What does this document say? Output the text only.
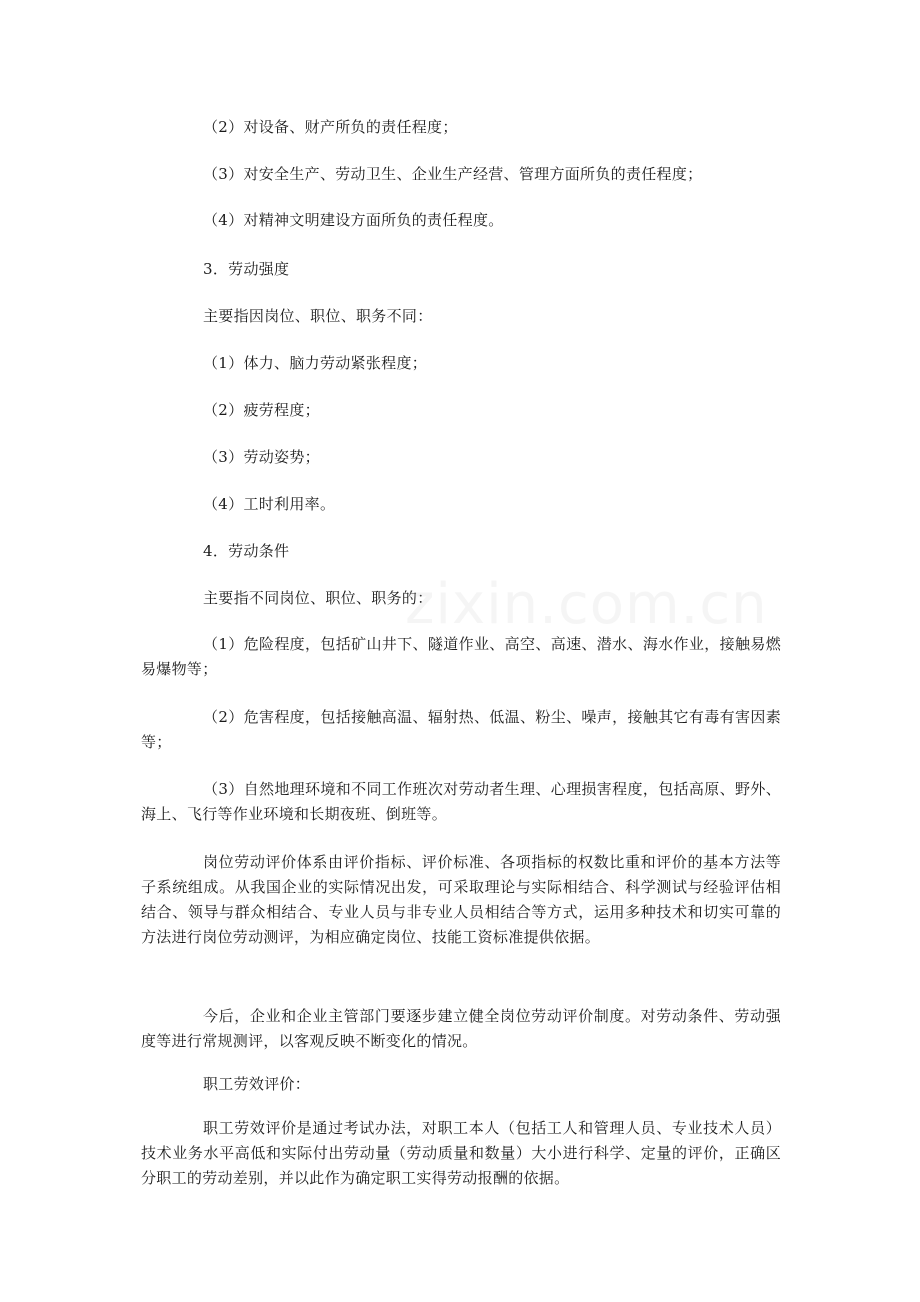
（2）对设备、财产所负的责任程度；
（3）对安全生产、劳动卫生、企业生产经营、管理方面所负的责任程度；
（4）对精神文明建设方面所负的责任程度。
3．劳动强度
主要指因岗位、职位、职务不同：
（1）体力、脑力劳动紧张程度；
（2）疲劳程度；
（3）劳动姿势；
（4）工时利用率。
4．劳动条件
主要指不同岗位、职位、职务的：
（1）危险程度，包括矿山井下、隧道作业、高空、高速、潜水、海水作业，接触易燃易爆物等；
（2）危害程度，包括接触高温、辐射热、低温、粉尘、噪声，接触其它有毒有害因素等；
（3）自然地理环境和不同工作班次对劳动者生理、心理损害程度，包括高原、野外、海上、飞行等作业环境和长期夜班、倒班等。
岗位劳动评价体系由评价指标、评价标准、各项指标的权数比重和评价的基本方法等子系统组成。从我国企业的实际情况出发，可采取理论与实际相结合、科学测试与经验评估相结合、领导与群众相结合、专业人员与非专业人员相结合等方式，运用多种技术和切实可靠的方法进行岗位劳动测评，为相应确定岗位、技能工资标准提供依据。
今后，企业和企业主管部门要逐步建立健全岗位劳动评价制度。对劳动条件、劳动强度等进行常规测评，以客观反映不断变化的情况。
职工劳效评价：
职工劳效评价是通过考试办法，对职工本人（包括工人和管理人员、专业技术人员）技术业务水平高低和实际付出劳动量（劳动质量和数量）大小进行科学、定量的评价，正确区分职工的劳动差别，并以此作为确定职工实得劳动报酬的依据。
zixin.com.cn
